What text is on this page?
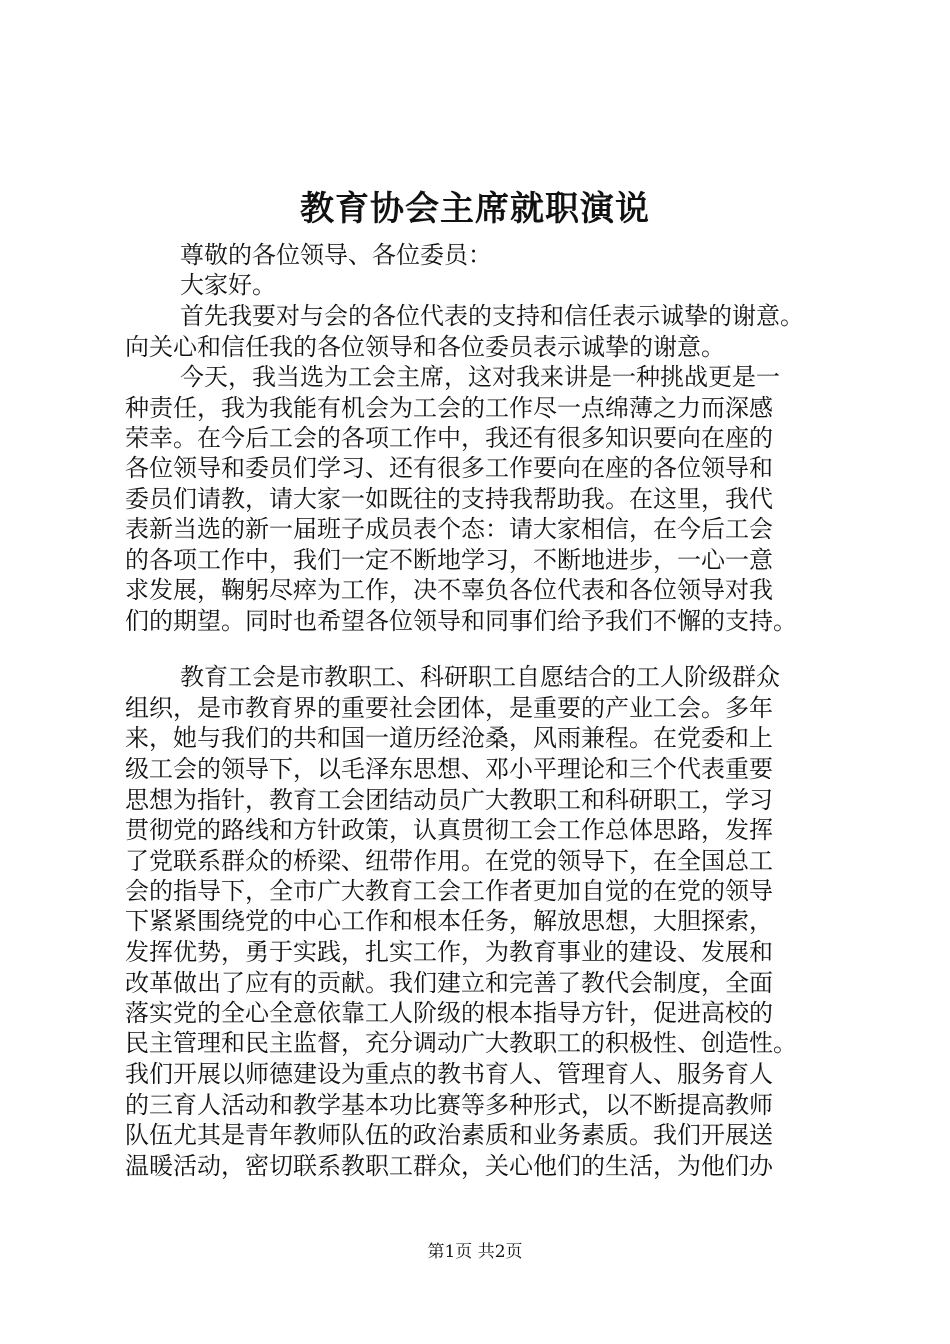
教育协会主席就职演说
尊敬的各位领导、各位委员：
大家好。
首先我要对与会的各位代表的支持和信任表示诚挚的谢意。
向关心和信任我的各位领导和各位委员表示诚挚的谢意。
今天，我当选为工会主席，这对我来讲是一种挑战更是一
种责任，我为我能有机会为工会的工作尽一点绵薄之力而深感
荣幸。在今后工会的各项工作中，我还有很多知识要向在座的
各位领导和委员们学习、还有很多工作要向在座的各位领导和
委员们请教，请大家一如既往的支持我帮助我。在这里，我代
表新当选的新一届班子成员表个态：请大家相信，在今后工会
的各项工作中，我们一定不断地学习，不断地进步，一心一意
求发展，鞠躬尽瘁为工作，决不辜负各位代表和各位领导对我
们的期望。同时也希望各位领导和同事们给予我们不懈的支持。
教育工会是市教职工、科研职工自愿结合的工人阶级群众
组织，是市教育界的重要社会团体，是重要的产业工会。多年
来，她与我们的共和国一道历经沧桑，风雨兼程。在党委和上
级工会的领导下，以毛泽东思想、邓小平理论和三个代表重要
思想为指针，教育工会团结动员广大教职工和科研职工，学习
贯彻党的路线和方针政策，认真贯彻工会工作总体思路，发挥
了党联系群众的桥梁、纽带作用。在党的领导下，在全国总工
会的指导下，全市广大教育工会工作者更加自觉的在党的领导
下紧紧围绕党的中心工作和根本任务，解放思想，大胆探索，
发挥优势，勇于实践，扎实工作，为教育事业的建设、发展和
改革做出了应有的贡献。我们建立和完善了教代会制度，全面
落实党的全心全意依靠工人阶级的根本指导方针，促进高校的
民主管理和民主监督，充分调动广大教职工的积极性、创造性。
我们开展以师德建设为重点的教书育人、管理育人、服务育人
的三育人活动和教学基本功比赛等多种形式，以不断提高教师
队伍尤其是青年教师队伍的政治素质和业务素质。我们开展送
温暖活动，密切联系教职工群众，关心他们的生活，为他们办
第1页 共2页
